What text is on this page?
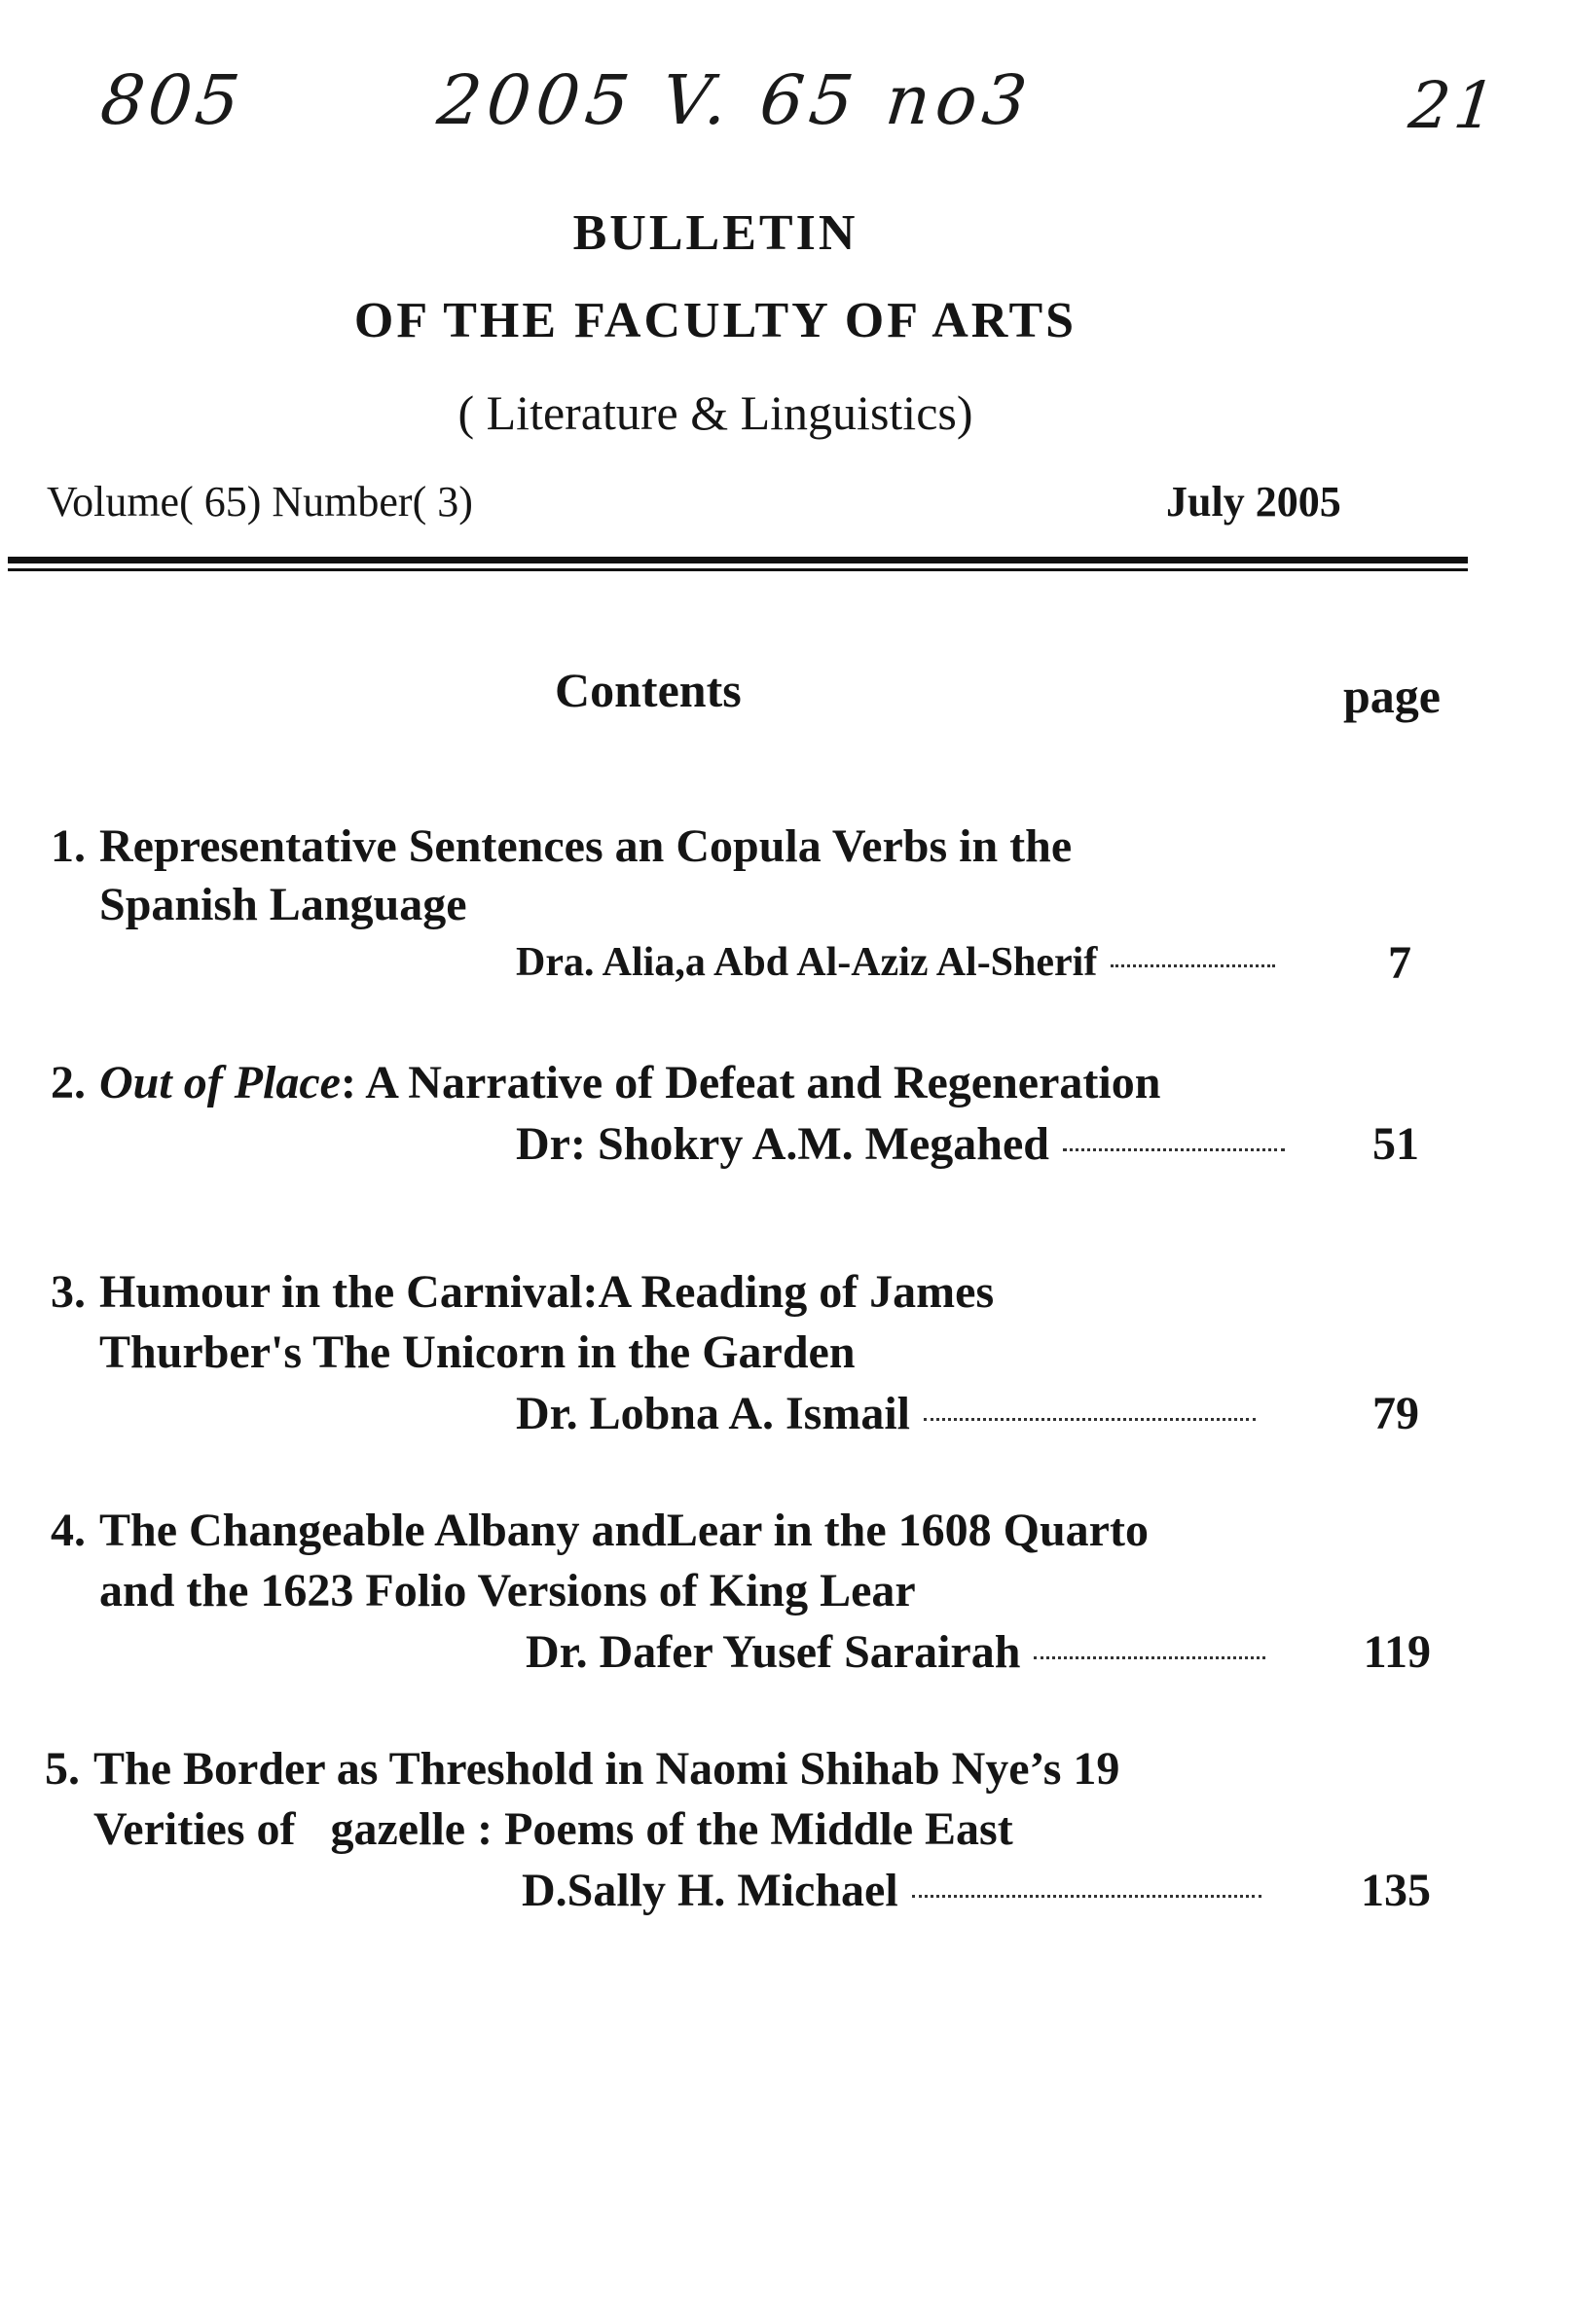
805	2005 V. 65 no3	21
BULLETIN
OF THE FACULTY OF ARTS
( Literature & Linguistics)
Volume( 65) Number( 3)	July 2005
Contents	page
1. Representative Sentences an Copula Verbs in the
Spanish Language
Dra. Alia,a Abd Al-Aziz Al-Sherif	7
2. Out of Place: A Narrative of Defeat and Regeneration
Dr: Shokry A.M. Megahed	51
3. Humour in the Carnival:A Reading of James
Thurber's The Unicorn in the Garden
Dr. Lobna A. Ismail	79
4. The Changeable Albany andLear in the 1608 Quarto
and the 1623 Folio Versions of King Lear
Dr. Dafer Yusef Sarairah	119
5. The Border as Threshold in Naomi Shihab Nye’s 19
Verities of   gazelle : Poems of the Middle East
D.Sally H. Michael	135
